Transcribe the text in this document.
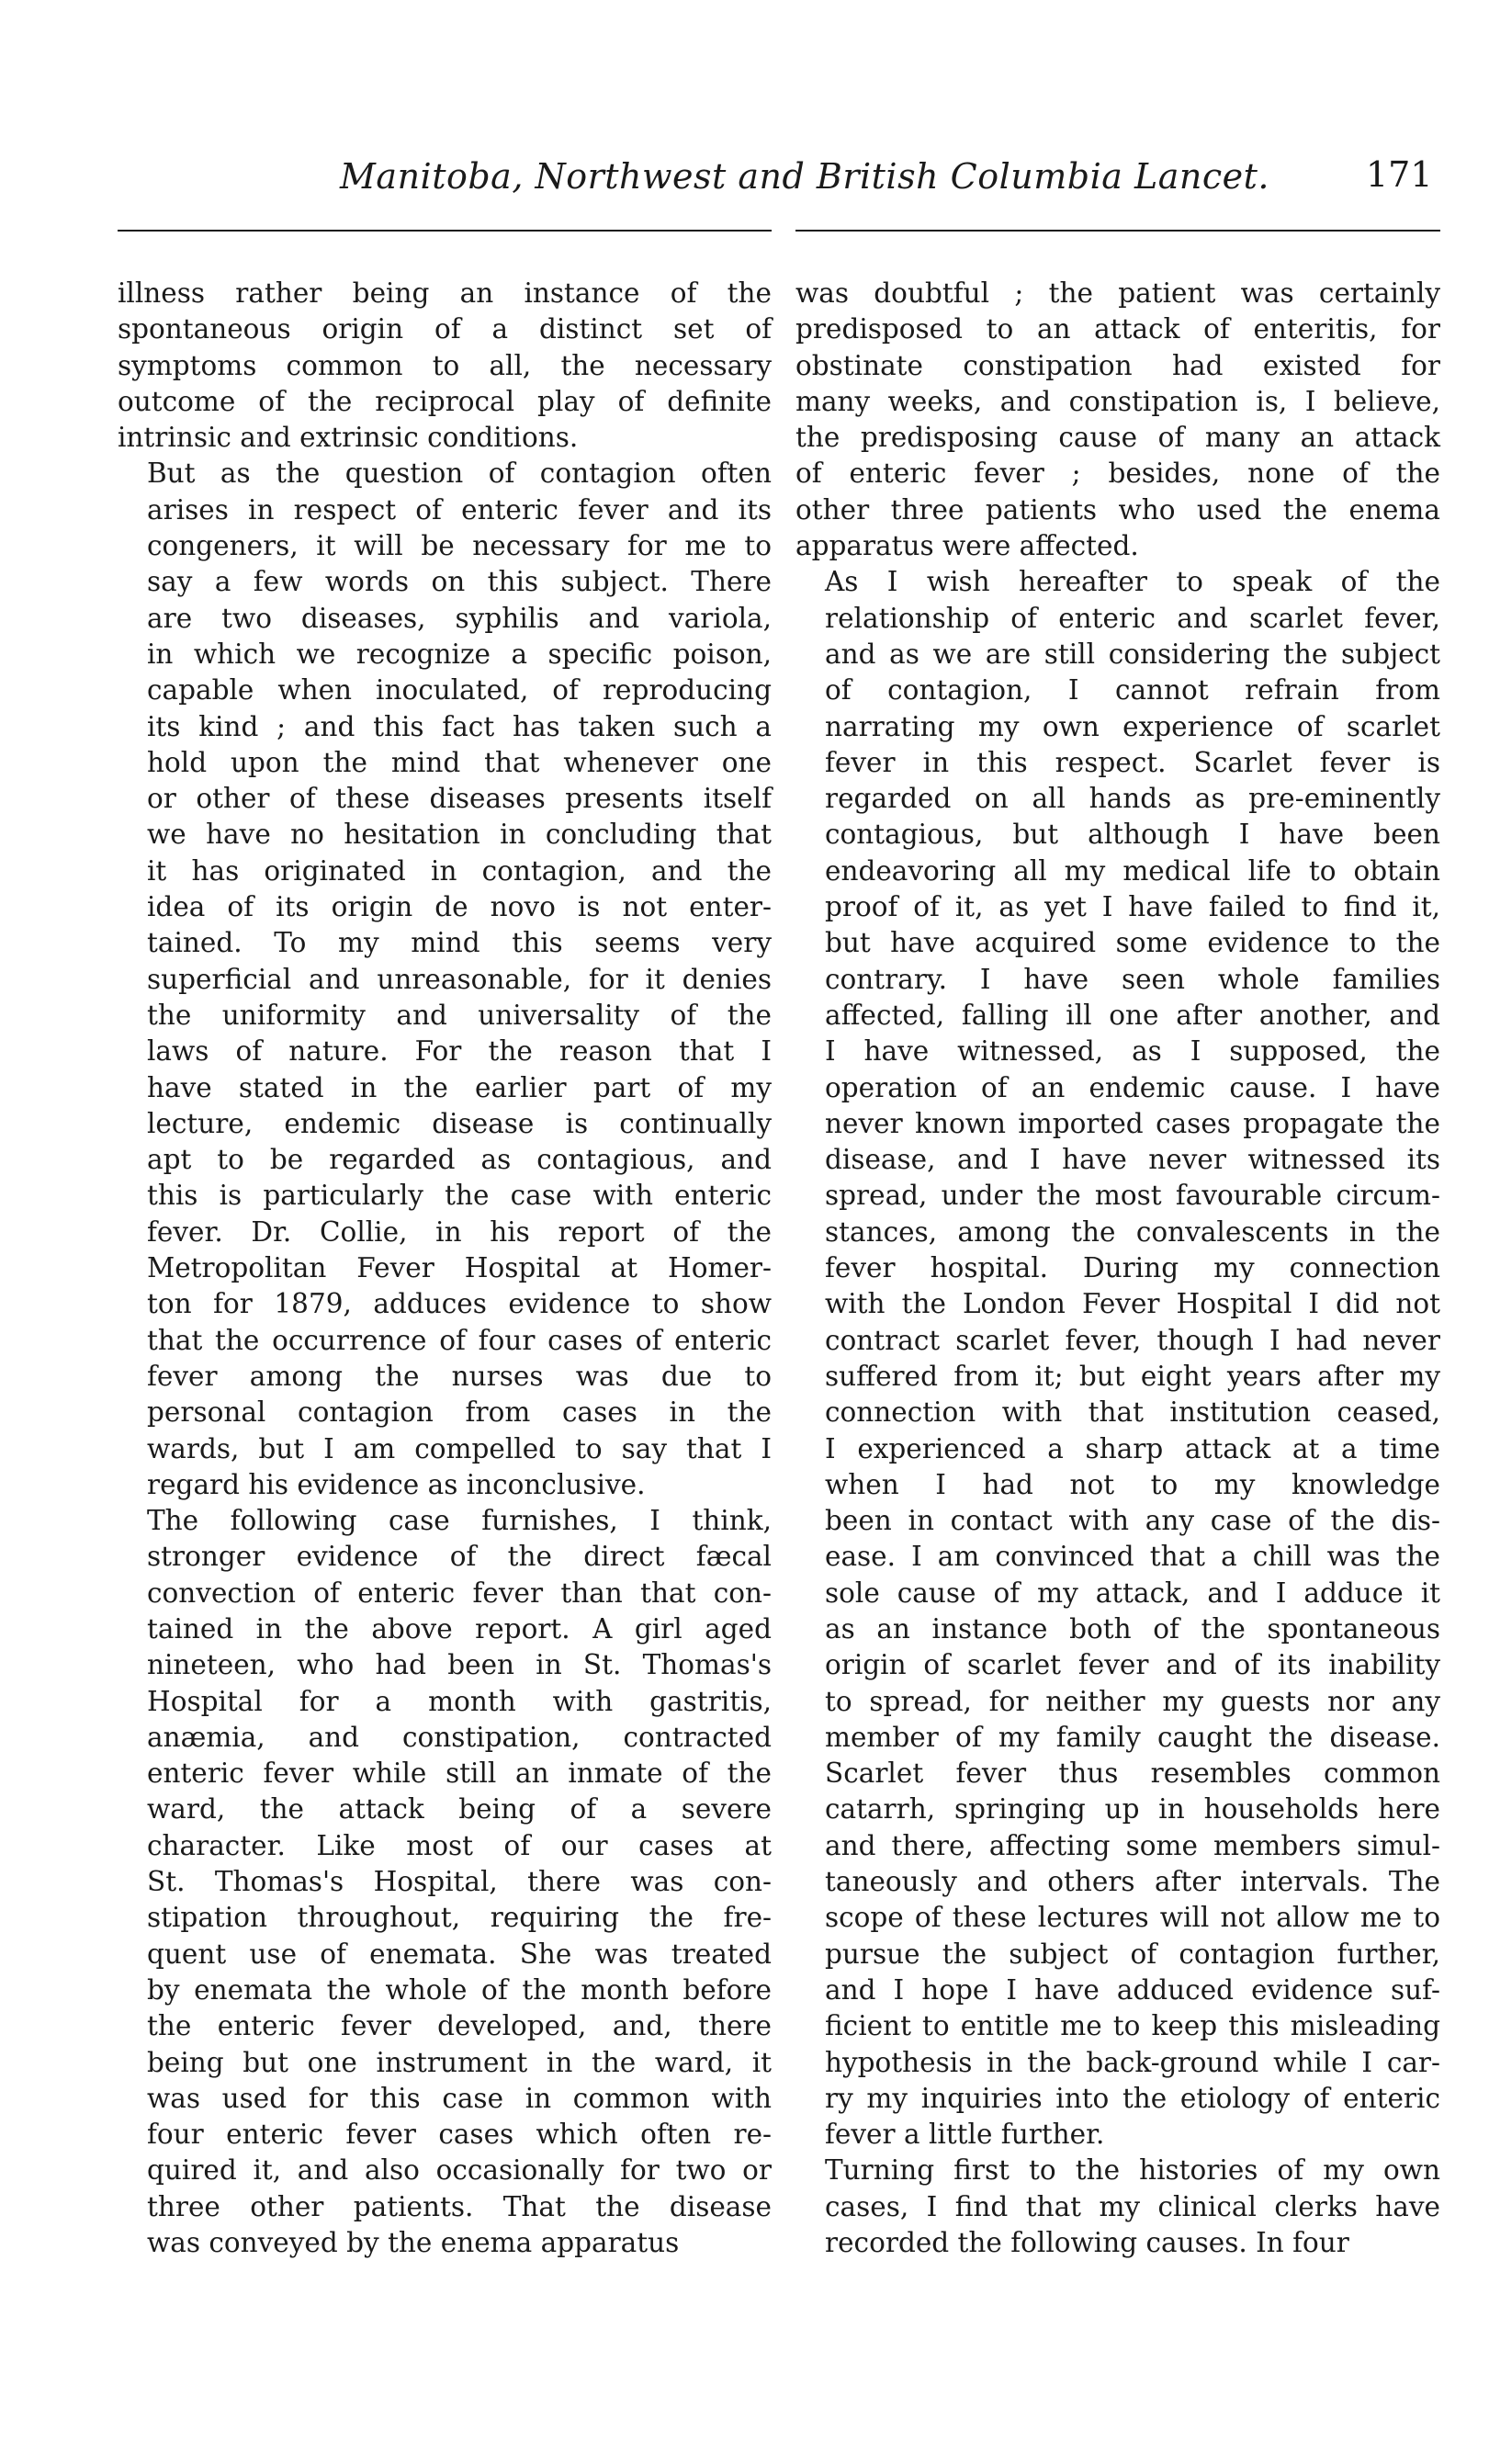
Manitoba, Northwest and British Columbia Lancet.	171

illness rather being an instance of the
spontaneous origin of a distinct set of
symptoms common to all, the necessary
outcome of the reciprocal play of definite
intrinsic and extrinsic conditions.

But as the question of contagion often
arises in respect of enteric fever and its
congeners, it will be necessary for me to
say a few words on this subject. There
are two diseases, syphilis and variola,
in which we recognize a specific poison,
capable when inoculated, of reproducing
its kind ; and this fact has taken such a
hold upon the mind that whenever one
or other of these diseases presents itself
we have no hesitation in concluding that
it has originated in contagion, and the
idea of its origin de novo is not enter-
tained. To my mind this seems very
superficial and unreasonable, for it denies
the uniformity and universality of the
laws of nature. For the reason that I
have stated in the earlier part of my
lecture, endemic disease is continually
apt to be regarded as contagious, and
this is particularly the case with enteric
fever. Dr. Collie, in his report of the
Metropolitan Fever Hospital at Homer-
ton for 1879, adduces evidence to show
that the occurrence of four cases of enteric
fever among the nurses was due to
personal contagion from cases in the
wards, but I am compelled to say that I
regard his evidence as inconclusive.

The following case furnishes, I think,
stronger evidence of the direct fæcal
convection of enteric fever than that con-
tained in the above report. A girl aged
nineteen, who had been in St. Thomas's
Hospital for a month with gastritis,
anæmia, and constipation, contracted
enteric fever while still an inmate of the
ward, the attack being of a severe
character. Like most of our cases at
St. Thomas's Hospital, there was con-
stipation throughout, requiring the fre-
quent use of enemata. She was treated
by enemata the whole of the month before
the enteric fever developed, and, there
being but one instrument in the ward, it
was used for this case in common with
four enteric fever cases which often re-
quired it, and also occasionally for two or
three other patients. That the disease
was conveyed by the enema apparatus

was doubtful ; the patient was certainly
predisposed to an attack of enteritis, for
obstinate constipation had existed for
many weeks, and constipation is, I believe,
the predisposing cause of many an attack
of enteric fever ; besides, none of the
other three patients who used the enema
apparatus were affected.

As I wish hereafter to speak of the
relationship of enteric and scarlet fever,
and as we are still considering the subject
of contagion, I cannot refrain from
narrating my own experience of scarlet
fever in this respect. Scarlet fever is
regarded on all hands as pre-eminently
contagious, but although I have been
endeavoring all my medical life to obtain
proof of it, as yet I have failed to find it,
but have acquired some evidence to the
contrary. I have seen whole families
affected, falling ill one after another, and
I have witnessed, as I supposed, the
operation of an endemic cause. I have
never known imported cases propagate the
disease, and I have never witnessed its
spread, under the most favourable circum-
stances, among the convalescents in the
fever hospital. During my connection
with the London Fever Hospital I did not
contract scarlet fever, though I had never
suffered from it; but eight years after my
connection with that institution ceased,
I experienced a sharp attack at a time
when I had not to my knowledge
been in contact with any case of the dis-
ease. I am convinced that a chill was the
sole cause of my attack, and I adduce it
as an instance both of the spontaneous
origin of scarlet fever and of its inability
to spread, for neither my guests nor any
member of my family caught the disease.
Scarlet fever thus resembles common
catarrh, springing up in households here
and there, affecting some members simul-
taneously and others after intervals. The
scope of these lectures will not allow me to
pursue the subject of contagion further,
and I hope I have adduced evidence suf-
ficient to entitle me to keep this misleading
hypothesis in the back-ground while I car-
ry my inquiries into the etiology of enteric
fever a little further.

Turning first to the histories of my own
cases, I find that my clinical clerks have
recorded the following causes. In four
